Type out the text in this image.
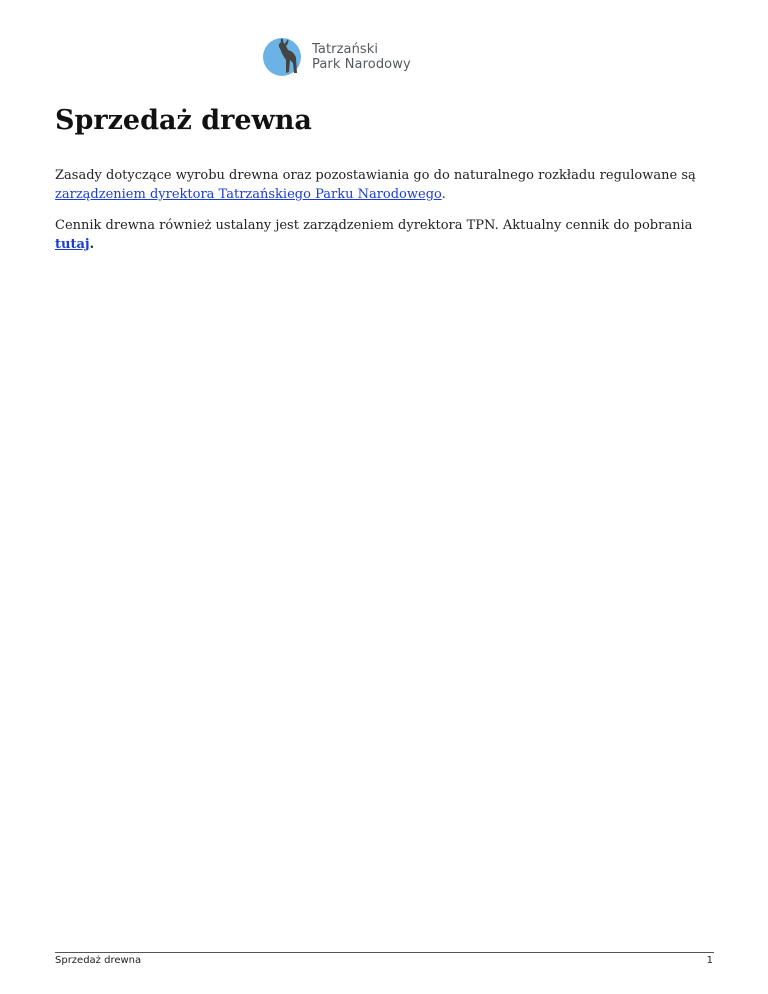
Tatrzański
Park Narodowy
Sprzedaż drewna

Zasady dotyczące wyrobu drewna oraz pozostawiania go do naturalnego rozkładu regulowane są zarządzeniem dyrektora Tatrzańskiego Parku Narodowego.

Cennik drewna również ustalany jest zarządzeniem dyrektora TPN. Aktualny cennik do pobrania tutaj.

Sprzedaż drewna	1
